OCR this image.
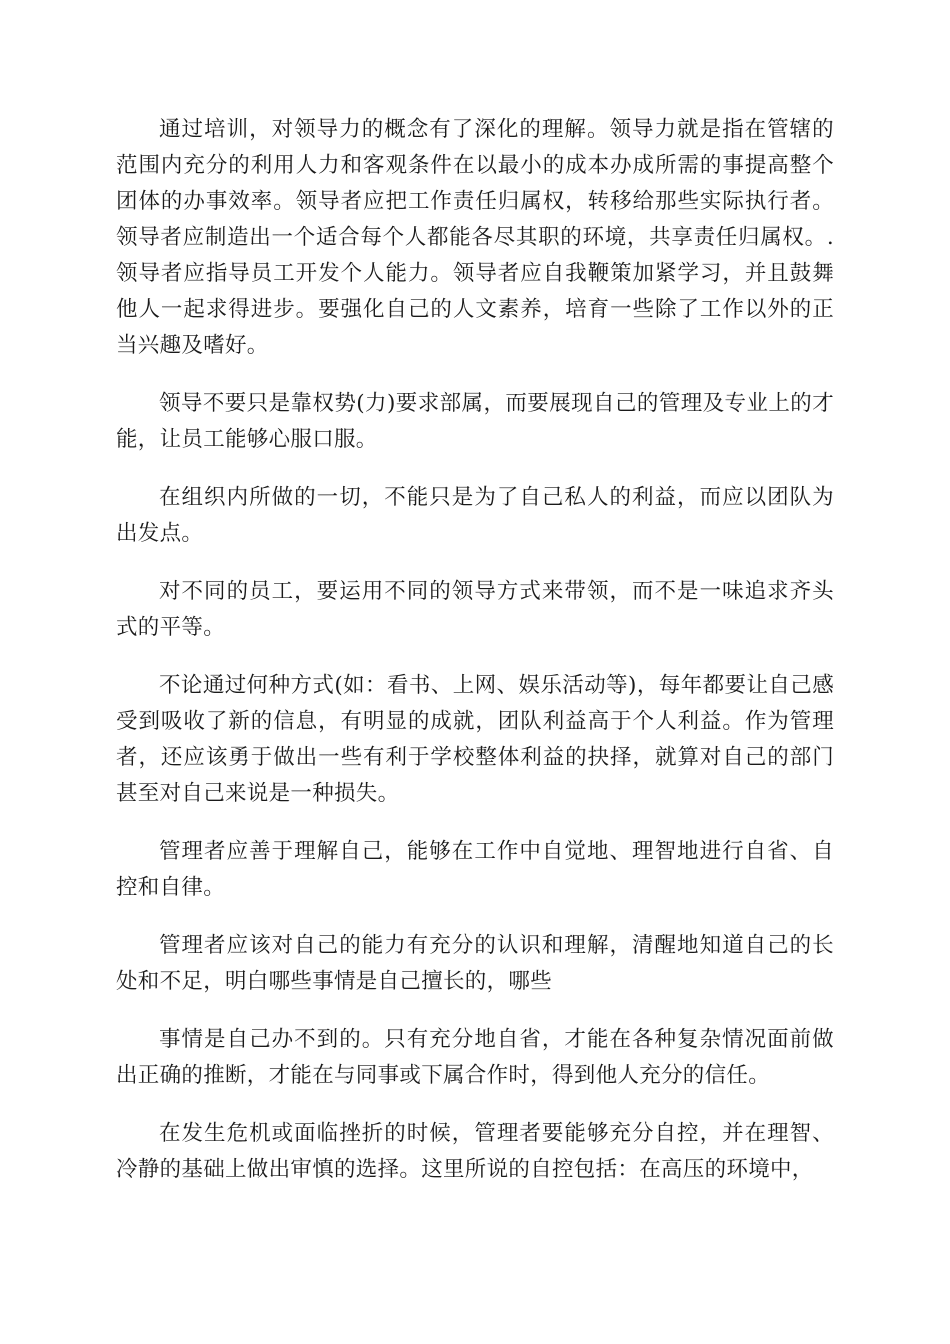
通过培训，对领导力的概念有了深化的理解。领导力就是指在管辖的范围内充分的利用人力和客观条件在以最小的成本办成所需的事提高整个团体的办事效率。领导者应把工作责任归属权，转移给那些实际执行者。领导者应制造出一个适合每个人都能各尽其职的环境，共享责任归属权。. 领导者应指导员工开发个人能力。领导者应自我鞭策加紧学习，并且鼓舞他人一起求得进步。要强化自己的人文素养，培育一些除了工作以外的正当兴趣及嗜好。

领导不要只是靠权势(力)要求部属，而要展现自己的管理及专业上的才能，让员工能够心服口服。

在组织内所做的一切，不能只是为了自己私人的利益，而应以团队为出发点。

对不同的员工，要运用不同的领导方式来带领，而不是一味追求齐头式的平等。

不论通过何种方式(如：看书、上网、娱乐活动等)，每年都要让自己感受到吸收了新的信息，有明显的成就，团队利益高于个人利益。作为管理者，还应该勇于做出一些有利于学校整体利益的抉择，就算对自己的部门甚至对自己来说是一种损失。

管理者应善于理解自己，能够在工作中自觉地、理智地进行自省、自控和自律。

管理者应该对自己的能力有充分的认识和理解，清醒地知道自己的长处和不足，明白哪些事情是自己擅长的，哪些

事情是自己办不到的。只有充分地自省，才能在各种复杂情况面前做出正确的推断，才能在与同事或下属合作时，得到他人充分的信任。

在发生危机或面临挫折的时候，管理者要能够充分自控，并在理智、冷静的基础上做出审慎的选择。这里所说的自控包括：在高压的环境中，
